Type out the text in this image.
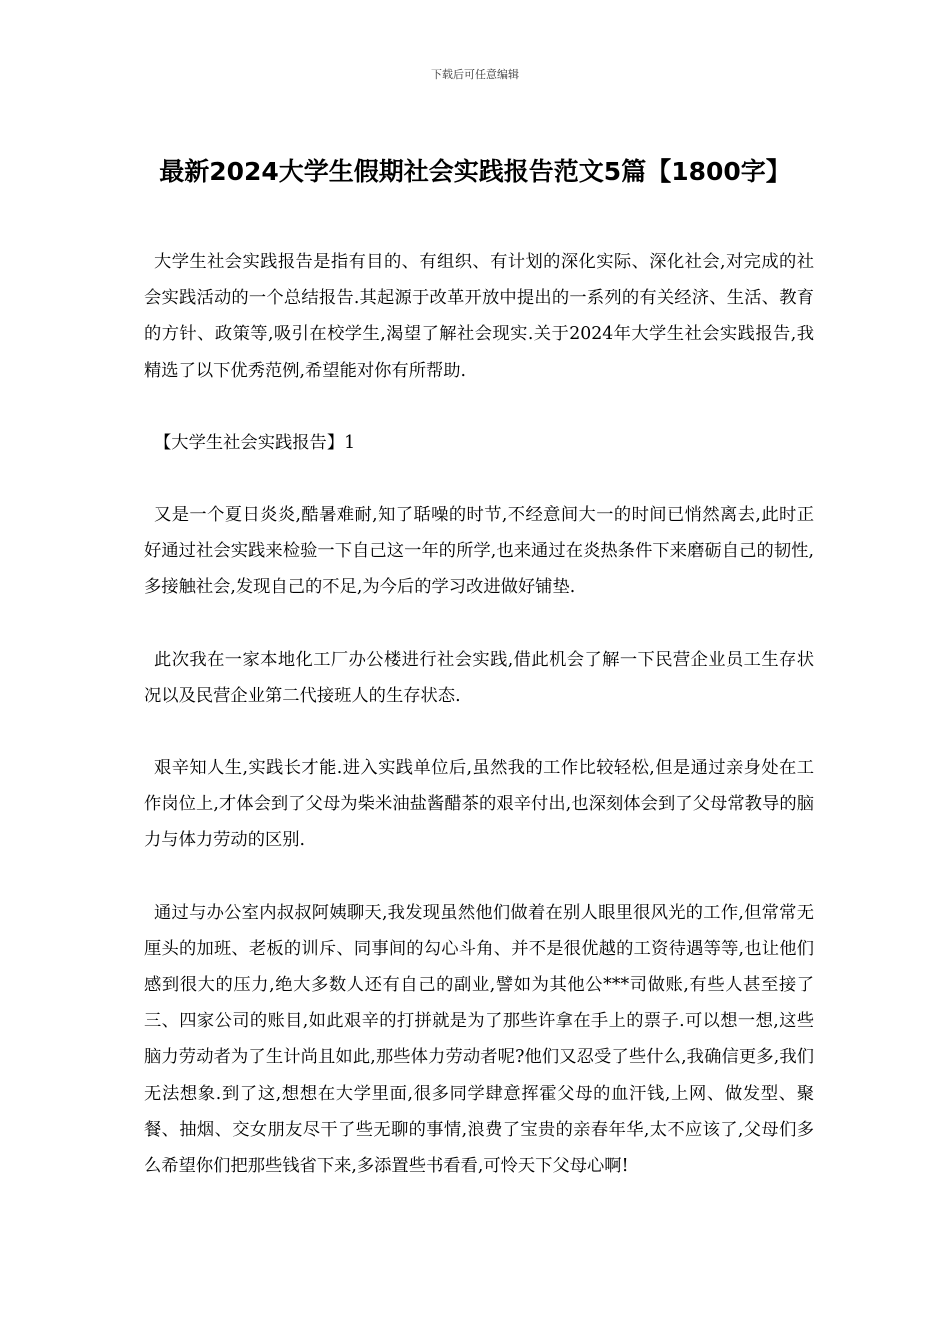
下载后可任意编辑
最新2024大学生假期社会实践报告范文5篇【1800字】

大学生社会实践报告是指有目的、有组织、有计划的深化实际、深化社会,对完成的社会实践活动的一个总结报告.其起源于改革开放中提出的一系列的有关经济、生活、教育的方针、政策等,吸引在校学生,渴望了解社会现实.关于2024年大学生社会实践报告,我精选了以下优秀范例,希望能对你有所帮助.

【大学生社会实践报告】1

又是一个夏日炎炎,酷暑难耐,知了聒噪的时节,不经意间大一的时间已悄然离去,此时正好通过社会实践来检验一下自己这一年的所学,也来通过在炎热条件下来磨砺自己的韧性,多接触社会,发现自己的不足,为今后的学习改进做好铺垫.

此次我在一家本地化工厂办公楼进行社会实践,借此机会了解一下民营企业员工生存状况以及民营企业第二代接班人的生存状态.

艰辛知人生,实践长才能.进入实践单位后,虽然我的工作比较轻松,但是通过亲身处在工作岗位上,才体会到了父母为柴米油盐酱醋茶的艰辛付出,也深刻体会到了父母常教导的脑力与体力劳动的区别.

通过与办公室内叔叔阿姨聊天,我发现虽然他们做着在别人眼里很风光的工作,但常常无厘头的加班、老板的训斥、同事间的勾心斗角、并不是很优越的工资待遇等等,也让他们感到很大的压力,绝大多数人还有自己的副业,譬如为其他公***司做账,有些人甚至接了三、四家公司的账目,如此艰辛的打拼就是为了那些许拿在手上的票子.可以想一想,这些脑力劳动者为了生计尚且如此,那些体力劳动者呢?他们又忍受了些什么,我确信更多,我们无法想象.到了这,想想在大学里面,很多同学肆意挥霍父母的血汗钱,上网、做发型、聚餐、抽烟、交女朋友尽干了些无聊的事情,浪费了宝贵的亲春年华,太不应该了,父母们多么希望你们把那些钱省下来,多添置些书看看,可怜天下父母心啊!
